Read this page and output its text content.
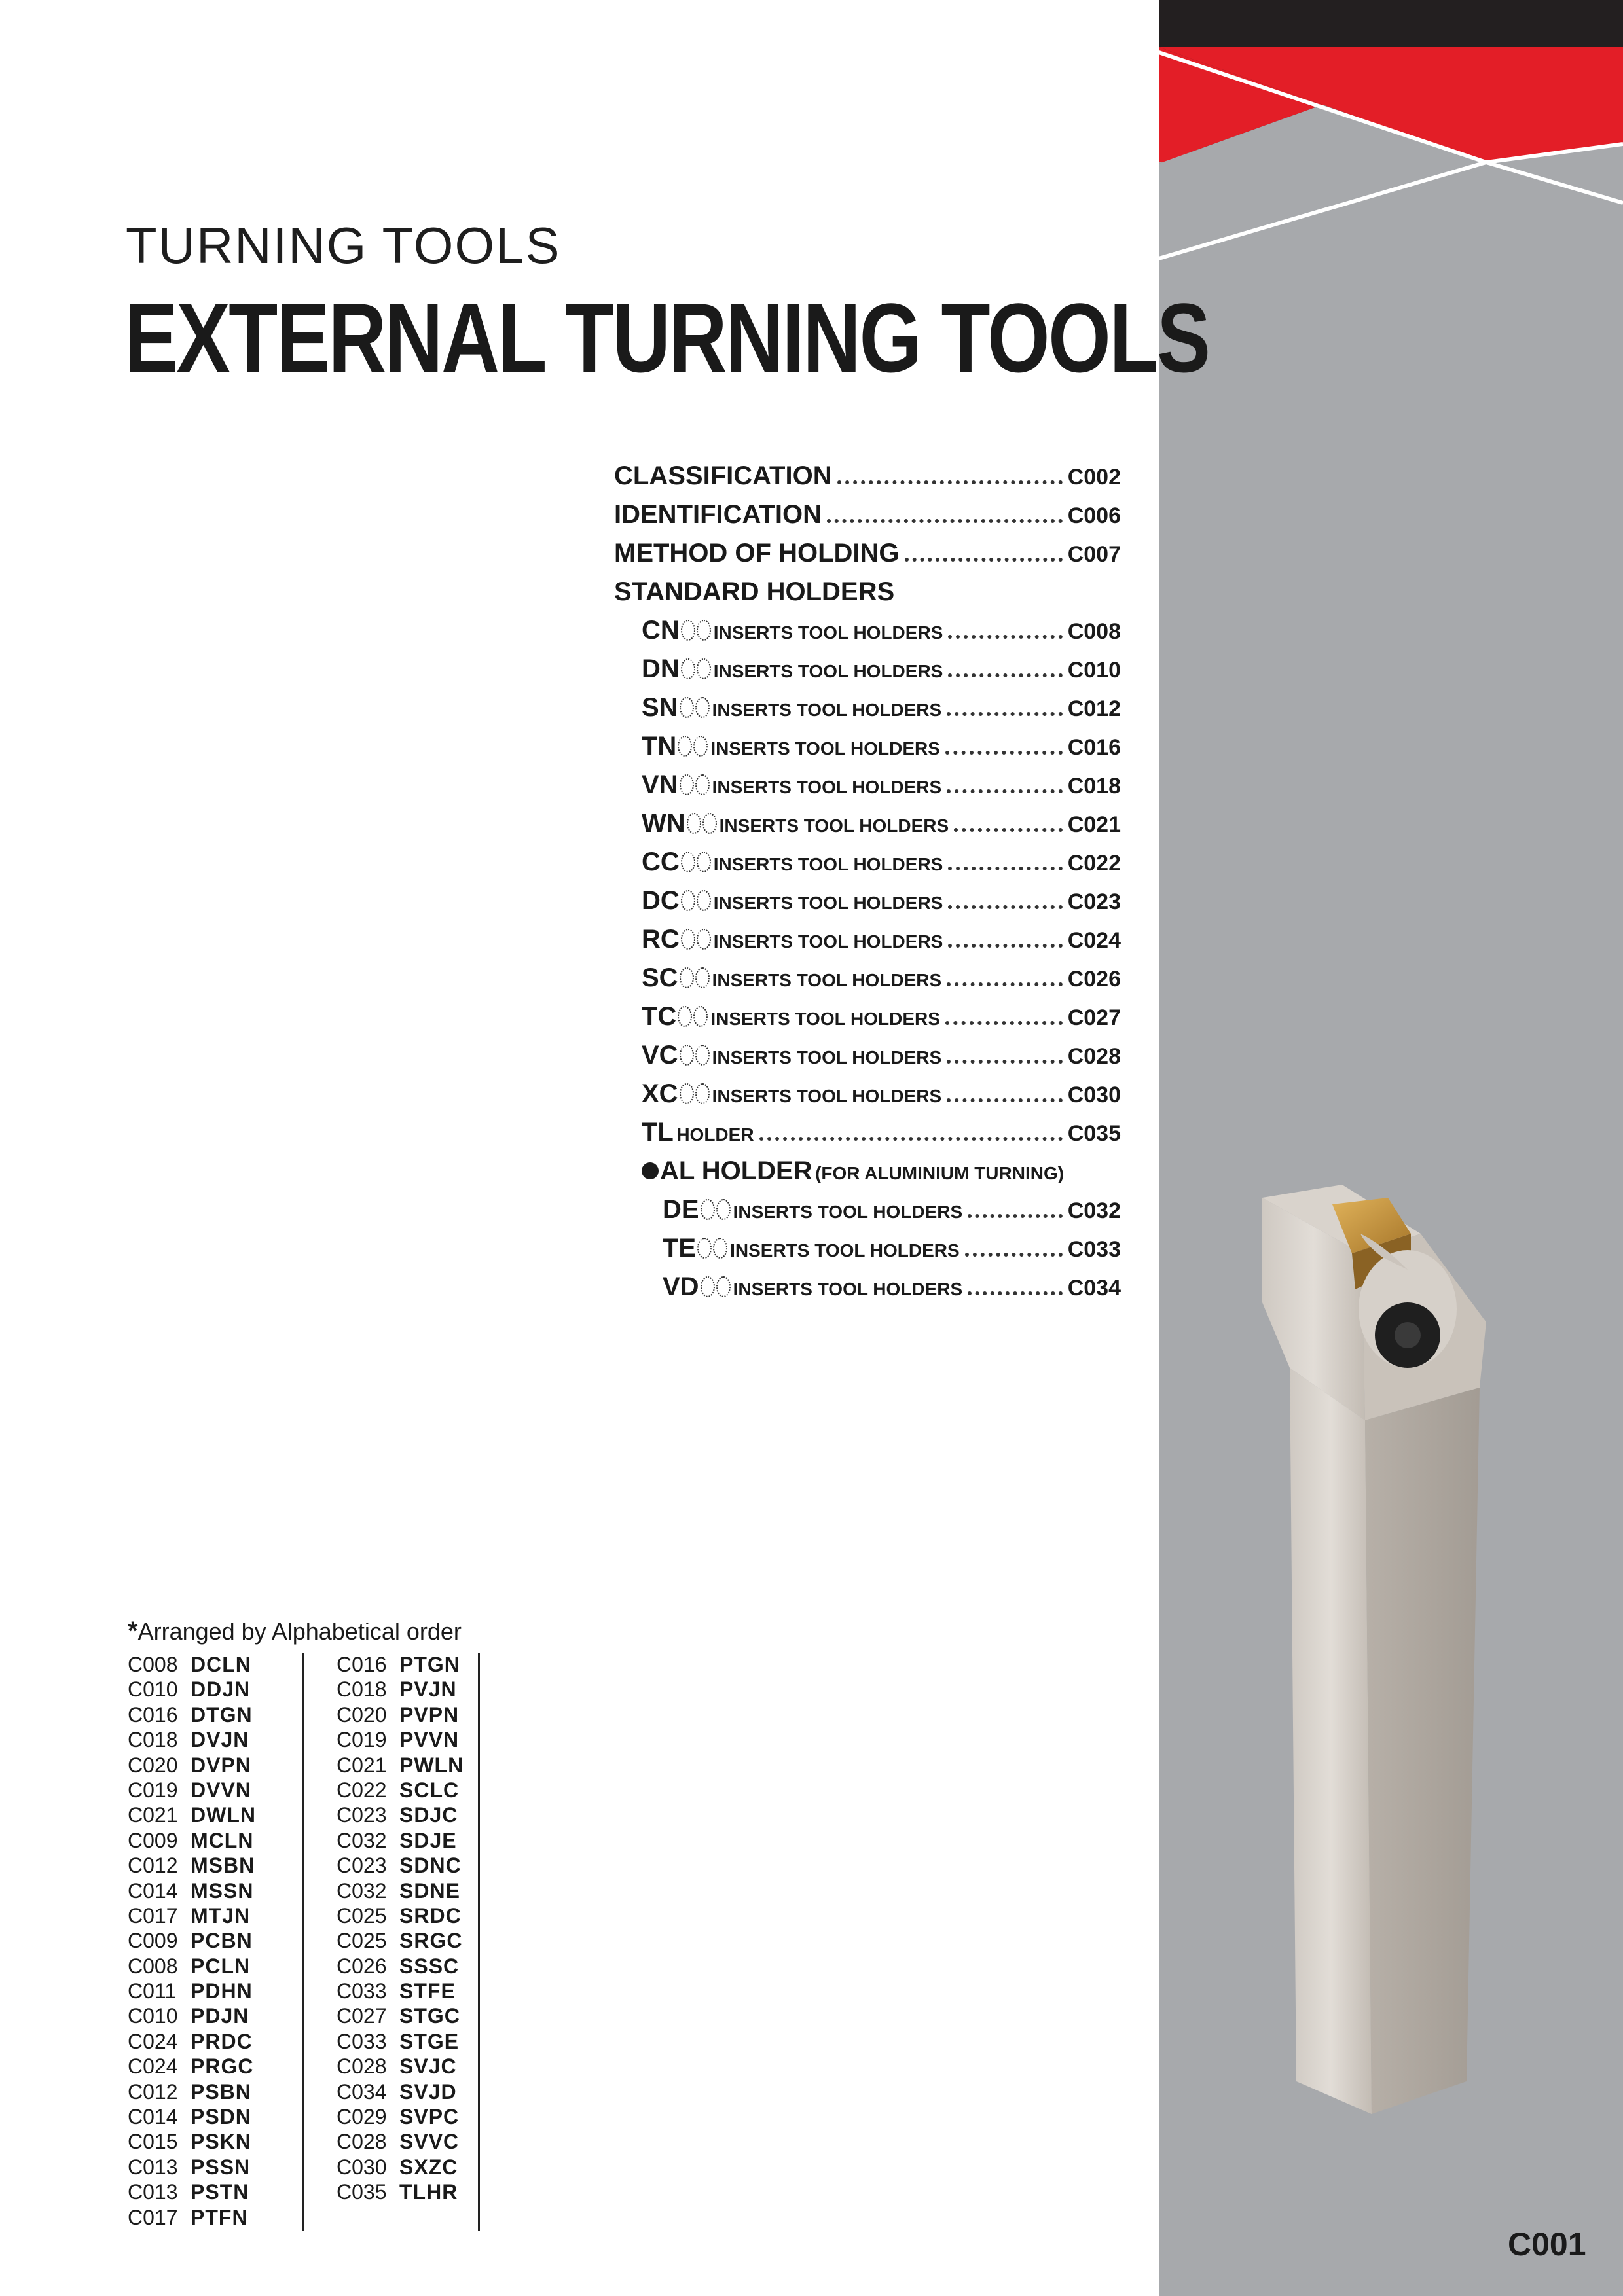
TURNING TOOLS
EXTERNAL TURNING TOOLS
CLASSIFICATION	C002
IDENTIFICATION	C006
METHOD OF HOLDING	C007
STANDARD HOLDERS
CN INSERTS TOOL HOLDERS	C008
DN INSERTS TOOL HOLDERS	C010
SN INSERTS TOOL HOLDERS	C012
TN INSERTS TOOL HOLDERS	C016
VN INSERTS TOOL HOLDERS	C018
WN INSERTS TOOL HOLDERS	C021
CC INSERTS TOOL HOLDERS	C022
DC INSERTS TOOL HOLDERS	C023
RC INSERTS TOOL HOLDERS	C024
SC INSERTS TOOL HOLDERS	C026
TC INSERTS TOOL HOLDERS	C027
VC INSERTS TOOL HOLDERS	C028
XC INSERTS TOOL HOLDERS	C030
TL HOLDER	C035
AL HOLDER (FOR ALUMINIUM TURNING)
DE INSERTS TOOL HOLDERS	C032
TE INSERTS TOOL HOLDERS	C033
VD INSERTS TOOL HOLDERS	C034
*Arranged by Alphabetical order
C008 DCLN
C010 DDJN
C016 DTGN
C018 DVJN
C020 DVPN
C019 DVVN
C021 DWLN
C009 MCLN
C012 MSBN
C014 MSSN
C017 MTJN
C009 PCBN
C008 PCLN
C011 PDHN
C010 PDJN
C024 PRDC
C024 PRGC
C012 PSBN
C014 PSDN
C015 PSKN
C013 PSSN
C013 PSTN
C017 PTFN
C016 PTGN
C018 PVJN
C020 PVPN
C019 PVVN
C021 PWLN
C022 SCLC
C023 SDJC
C032 SDJE
C023 SDNC
C032 SDNE
C025 SRDC
C025 SRGC
C026 SSSC
C033 STFE
C027 STGC
C033 STGE
C028 SVJC
C034 SVJD
C029 SVPC
C028 SVVC
C030 SXZC
C035 TLHR
C001
